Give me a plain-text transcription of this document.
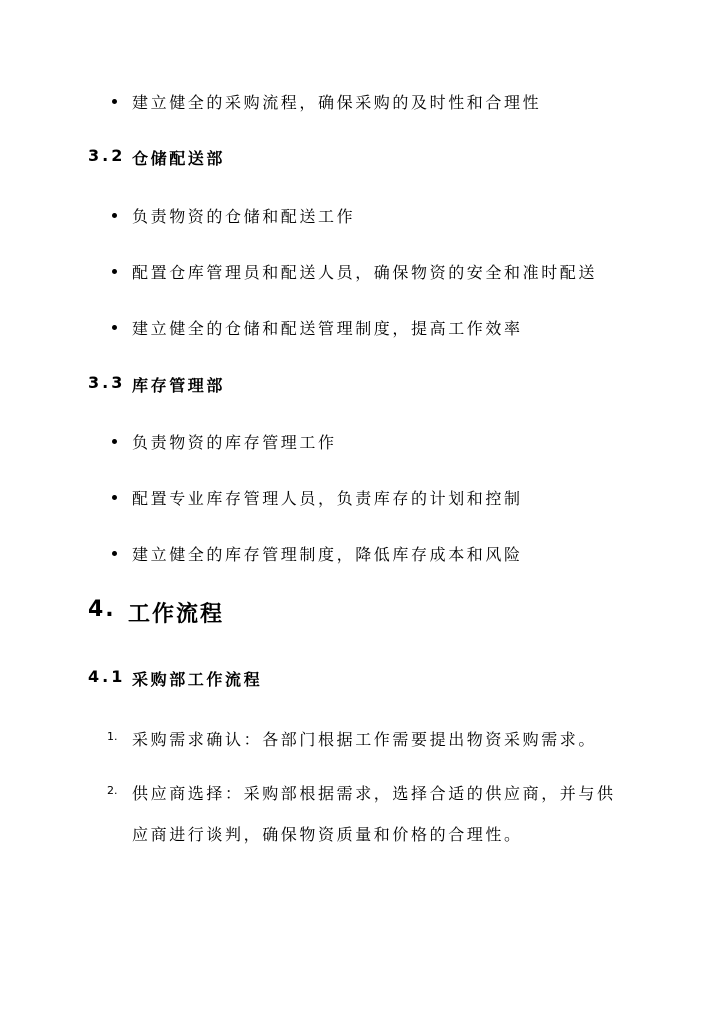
建立健全的采购流程，确保采购的及时性和合理性
3.2 仓储配送部
负责物资的仓储和配送工作
配置仓库管理员和配送人员，确保物资的安全和准时配送
建立健全的仓储和配送管理制度，提高工作效率
3.3 库存管理部
负责物资的库存管理工作
配置专业库存管理人员，负责库存的计划和控制
建立健全的库存管理制度，降低库存成本和风险
4. 工作流程
4.1 采购部工作流程
1. 采购需求确认：各部门根据工作需要提出物资采购需求。
2. 供应商选择：采购部根据需求，选择合适的供应商，并与供
应商进行谈判，确保物资质量和价格的合理性。
